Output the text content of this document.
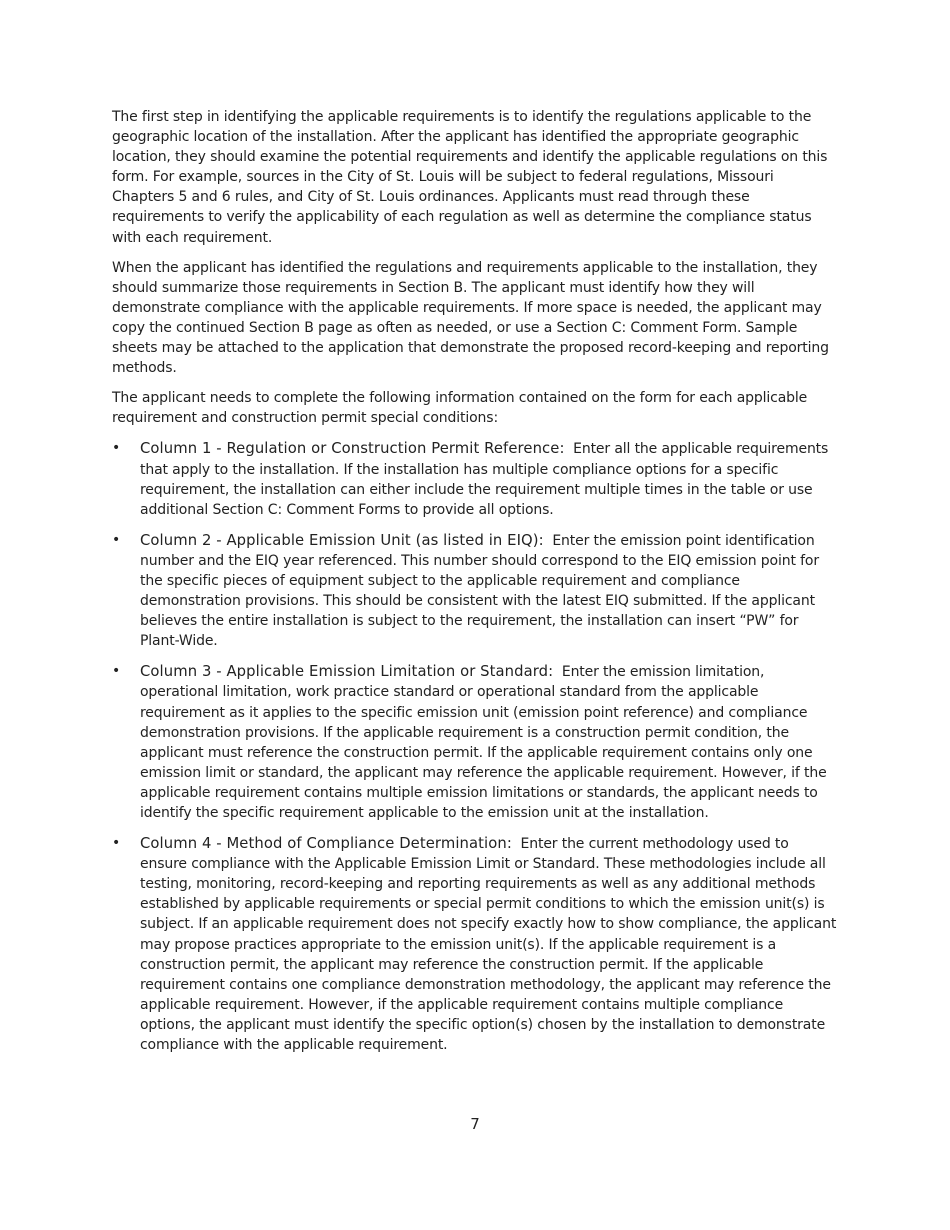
The first step in identifying the applicable requirements is to identify the regulations applicable to the geographic location of the installation. After the applicant has identified the appropriate geographic location, they should examine the potential requirements and identify the applicable regulations on this form. For example, sources in the City of St. Louis will be subject to federal regulations, Missouri Chapters 5 and 6 rules, and City of St. Louis ordinances. Applicants must read through these requirements to verify the applicability of each regulation as well as determine the compliance status with each requirement.

When the applicant has identified the regulations and requirements applicable to the installation, they should summarize those requirements in Section B. The applicant must identify how they will demonstrate compliance with the applicable requirements. If more space is needed, the applicant may copy the continued Section B page as often as needed, or use a Section C: Comment Form. Sample sheets may be attached to the application that demonstrate the proposed record-keeping and reporting methods.

The applicant needs to complete the following information contained on the form for each applicable requirement and construction permit special conditions:

• Column 1 - Regulation or Construction Permit Reference: Enter all the applicable requirements that apply to the installation. If the installation has multiple compliance options for a specific requirement, the installation can either include the requirement multiple times in the table or use additional Section C: Comment Forms to provide all options.
• Column 2 - Applicable Emission Unit (as listed in EIQ): Enter the emission point identification number and the EIQ year referenced. This number should correspond to the EIQ emission point for the specific pieces of equipment subject to the applicable requirement and compliance demonstration provisions. This should be consistent with the latest EIQ submitted. If the applicant believes the entire installation is subject to the requirement, the installation can insert “PW” for Plant-Wide.
• Column 3 - Applicable Emission Limitation or Standard: Enter the emission limitation, operational limitation, work practice standard or operational standard from the applicable requirement as it applies to the specific emission unit (emission point reference) and compliance demonstration provisions. If the applicable requirement is a construction permit condition, the applicant must reference the construction permit. If the applicable requirement contains only one emission limit or standard, the applicant may reference the applicable requirement. However, if the applicable requirement contains multiple emission limitations or standards, the applicant needs to identify the specific requirement applicable to the emission unit at the installation.
• Column 4 - Method of Compliance Determination: Enter the current methodology used to ensure compliance with the Applicable Emission Limit or Standard. These methodologies include all testing, monitoring, record-keeping and reporting requirements as well as any additional methods established by applicable requirements or special permit conditions to which the emission unit(s) is subject. If an applicable requirement does not specify exactly how to show compliance, the applicant may propose practices appropriate to the emission unit(s). If the applicable requirement is a construction permit, the applicant may reference the construction permit. If the applicable requirement contains one compliance demonstration methodology, the applicant may reference the applicable requirement. However, if the applicable requirement contains multiple compliance options, the applicant must identify the specific option(s) chosen by the installation to demonstrate compliance with the applicable requirement.
7
